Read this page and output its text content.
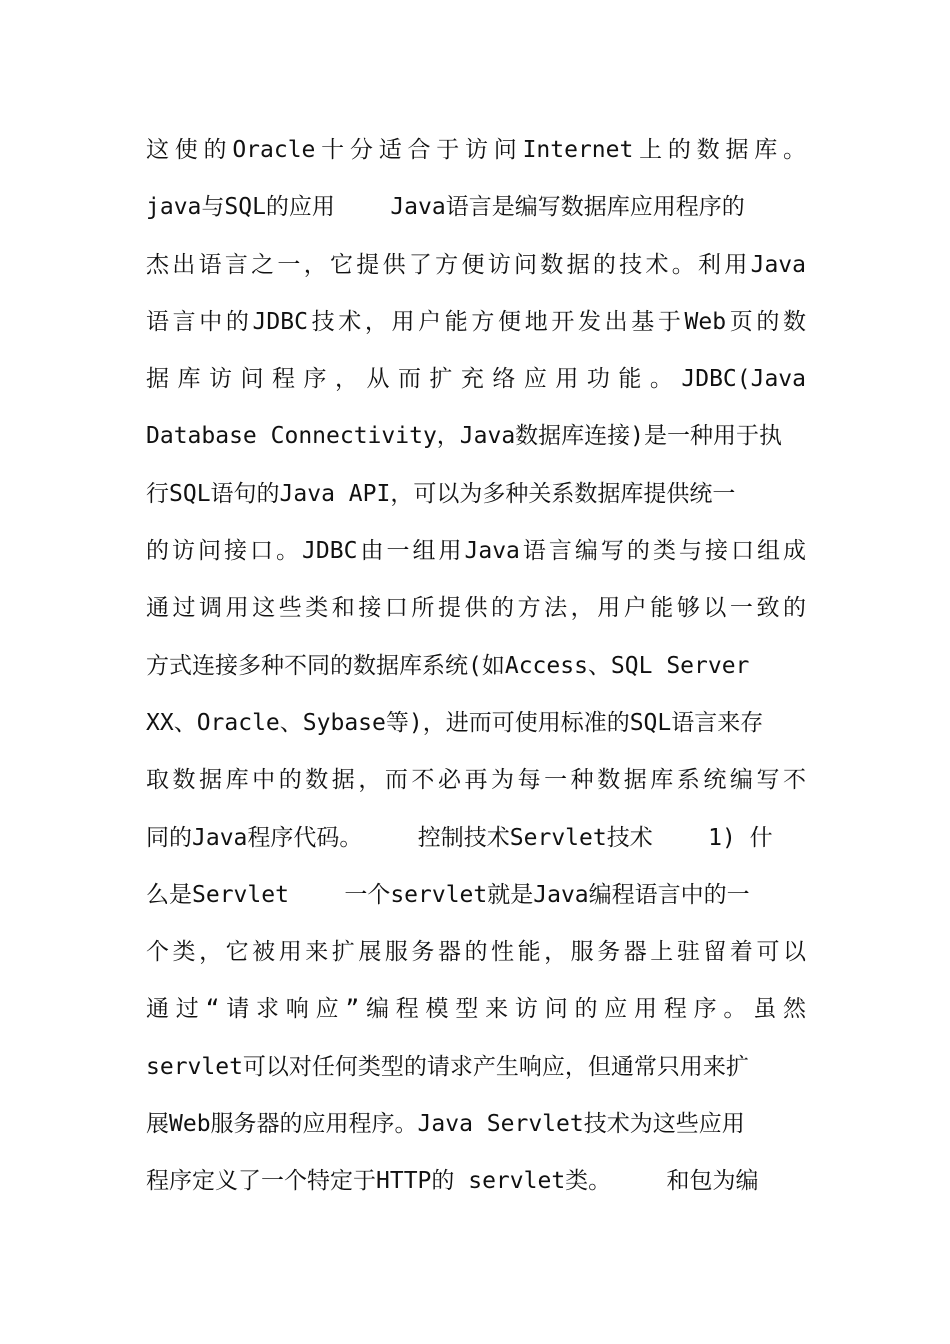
这使的Oracle十分适合于访问Internet上的数据库。
java与SQL的应用    Java语言是编写数据库应用程序的
杰出语言之一，它提供了方便访问数据的技术。利用Java
语言中的JDBC技术，用户能方便地开发出基于Web页的数
据库访问程序，从而扩充络应用功能。JDBC(Java
Database Connectivity，Java数据库连接)是一种用于执
行SQL语句的Java API，可以为多种关系数据库提供统一
的访问接口。JDBC由一组用Java语言编写的类与接口组成
通过调用这些类和接口所提供的方法，用户能够以一致的
方式连接多种不同的数据库系统(如Access、SQL Server
XX、Oracle、Sybase等)，进而可使用标准的SQL语言来存
取数据库中的数据，而不必再为每一种数据库系统编写不
同的Java程序代码。    控制技术Servlet技术    1) 什
么是Servlet    一个servlet就是Java编程语言中的一
个类，它被用来扩展服务器的性能，服务器上驻留着可以
通过“请求响应”编程模型来访问的应用程序。虽然
servlet可以对任何类型的请求产生响应，但通常只用来扩
展Web服务器的应用程序。Java Servlet技术为这些应用
程序定义了一个特定于HTTP的 servlet类。    和包为编
